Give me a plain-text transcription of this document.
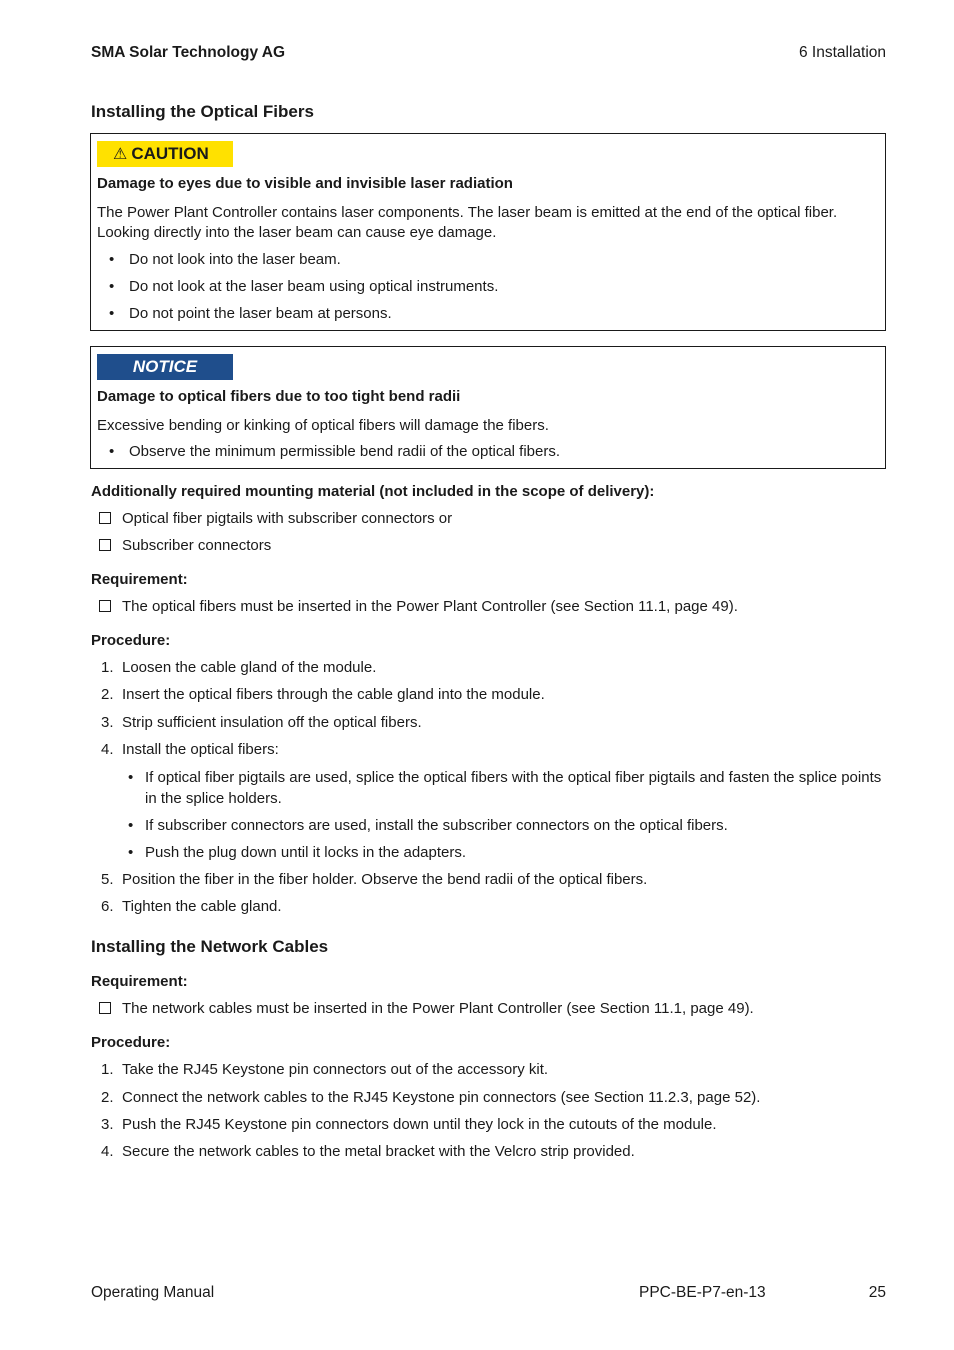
SMA Solar Technology AG	6 Installation
Installing the Optical Fibers
⚠ CAUTION
Damage to eyes due to visible and invisible laser radiation
The Power Plant Controller contains laser components. The laser beam is emitted at the end of the optical fiber. Looking directly into the laser beam can cause eye damage.
• Do not look into the laser beam.
• Do not look at the laser beam using optical instruments.
• Do not point the laser beam at persons.
NOTICE
Damage to optical fibers due to too tight bend radii
Excessive bending or kinking of optical fibers will damage the fibers.
• Observe the minimum permissible bend radii of the optical fibers.
Additionally required mounting material (not included in the scope of delivery):
Optical fiber pigtails with subscriber connectors or
Subscriber connectors
Requirement:
The optical fibers must be inserted in the Power Plant Controller (see Section 11.1, page 49).
Procedure:
1. Loosen the cable gland of the module.
2. Insert the optical fibers through the cable gland into the module.
3. Strip sufficient insulation off the optical fibers.
4. Install the optical fibers:
• If optical fiber pigtails are used, splice the optical fibers with the optical fiber pigtails and fasten the splice points
in the splice holders.
• If subscriber connectors are used, install the subscriber connectors on the optical fibers.
• Push the plug down until it locks in the adapters.
5. Position the fiber in the fiber holder. Observe the bend radii of the optical fibers.
6. Tighten the cable gland.
Installing the Network Cables
Requirement:
The network cables must be inserted in the Power Plant Controller (see Section 11.1, page 49).
Procedure:
1. Take the RJ45 Keystone pin connectors out of the accessory kit.
2. Connect the network cables to the RJ45 Keystone pin connectors (see Section 11.2.3, page 52).
3. Push the RJ45 Keystone pin connectors down until they lock in the cutouts of the module.
4. Secure the network cables to the metal bracket with the Velcro strip provided.
Operating Manual	PPC-BE-P7-en-13	25
